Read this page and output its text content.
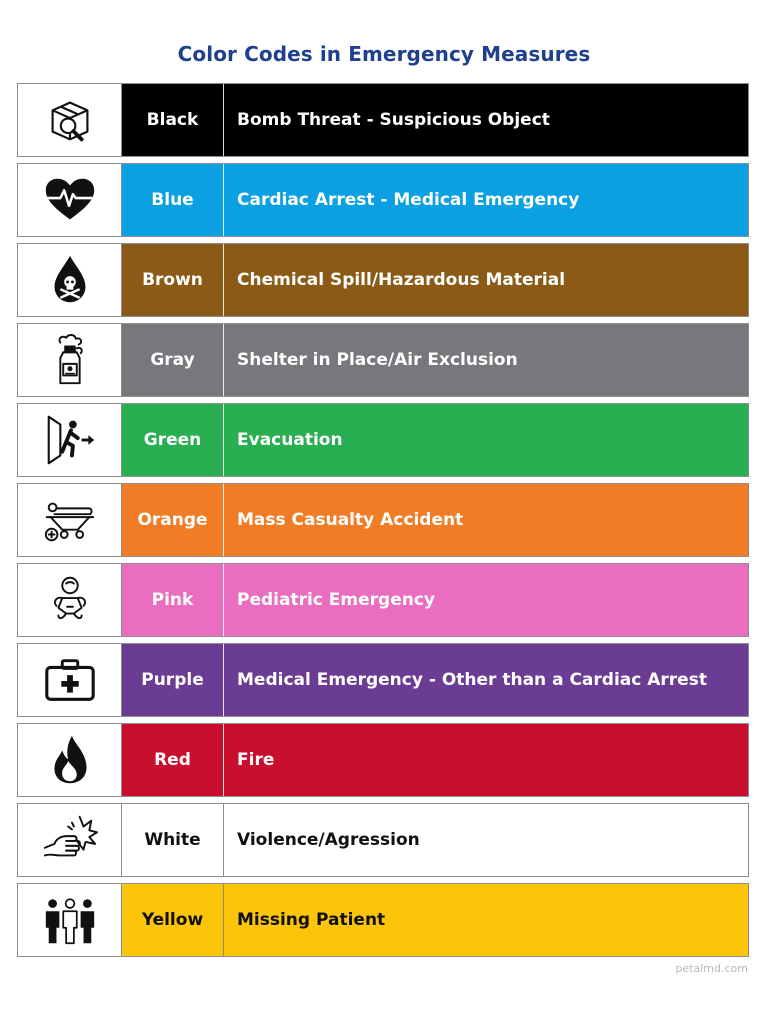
Color Codes in Emergency Measures
Black	Bomb Threat - Suspicious Object
Blue	Cardiac Arrest - Medical Emergency
Brown	Chemical Spill/Hazardous Material
Gray	Shelter in Place/Air Exclusion
Green	Evacuation
Orange	Mass Casualty Accident
Pink	Pediatric Emergency
Purple	Medical Emergency - Other than a Cardiac Arrest
Red	Fire
White	Violence/Agression
Yellow	Missing Patient
petalmd.com
